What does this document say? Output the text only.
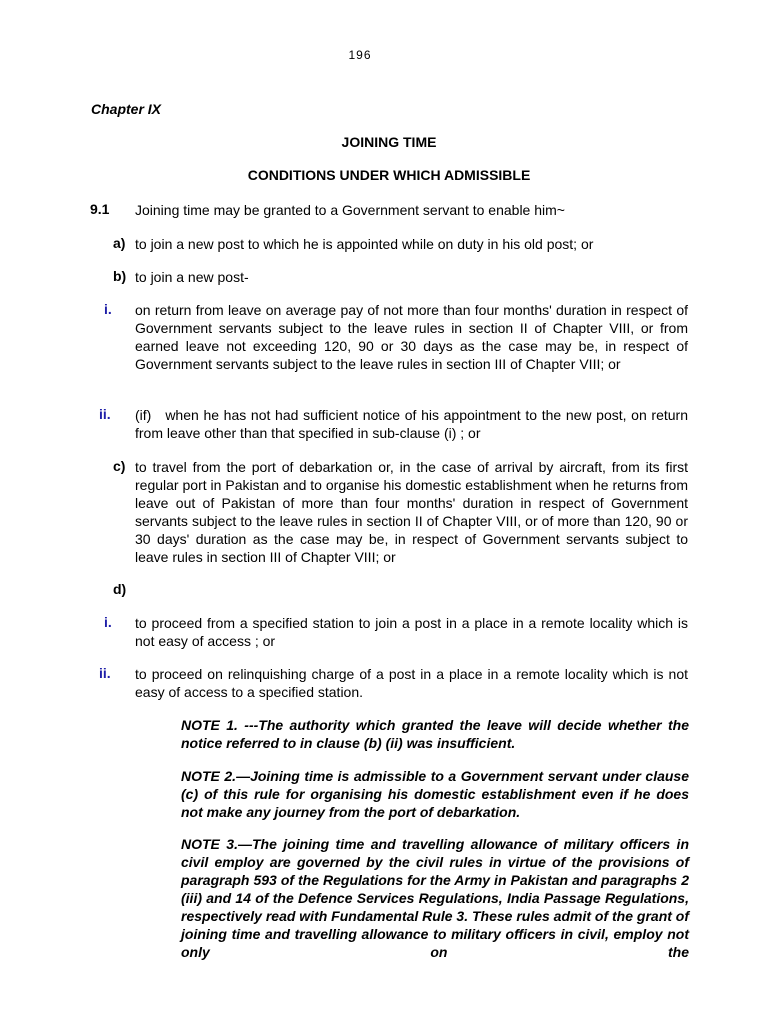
196
Chapter IX
JOINING TIME
CONDITIONS UNDER WHICH ADMISSIBLE
9.1 Joining time may be granted to a Government servant to enable him~
a) to join a new post to which he is appointed while on duty in his old post; or
b) to join a new post-
i. on return from leave on average pay of not more than four months' duration in respect of Government servants subject to the leave rules in section II of Chapter VIII, or from earned leave not exceeding 120, 90 or 30 days as the case may be, in respect of Government servants subject to the leave rules in section III of Chapter VIII; or
ii. (if)   when he has not had sufficient notice of his appointment to the new post, on return from leave other than that specified in sub-clause (i) ; or
c) to travel from the port of debarkation or, in the case of arrival by aircraft, from its first regular port in Pakistan and to organise his domestic establishment when he returns from leave out of Pakistan of more than four months' duration in respect of Government servants subject to the leave rules in section II of Chapter VIII, or of more than 120, 90 or 30 days' duration as the case may be, in respect of Government servants subject to leave rules in section III of Chapter VIII; or
d)
i. to proceed from a specified station to join a post in a place in a remote locality which is not easy of access ; or
ii. to proceed on relinquishing charge of a post in a place in a remote locality which is not easy of access to a specified station.
NOTE 1. ---The authority which granted the leave will decide whether the notice referred to in clause (b) (ii) was insufficient.
NOTE 2.—Joining time is admissible to a Government servant under clause (c) of this rule for organising his domestic establishment even if he does not make any journey from the port of debarkation.
NOTE 3.—The joining time and travelling allowance of military officers in civil employ are governed by the civil rules in virtue of the provisions of paragraph 593 of the Regulations for the Army in Pakistan and paragraphs 2 (iii) and 14 of the Defence Services Regulations, India Passage Regulations, respectively read with Fundamental Rule 3. These rules admit of the grant of joining time and travelling allowance to military officers in civil, employ not only on the
